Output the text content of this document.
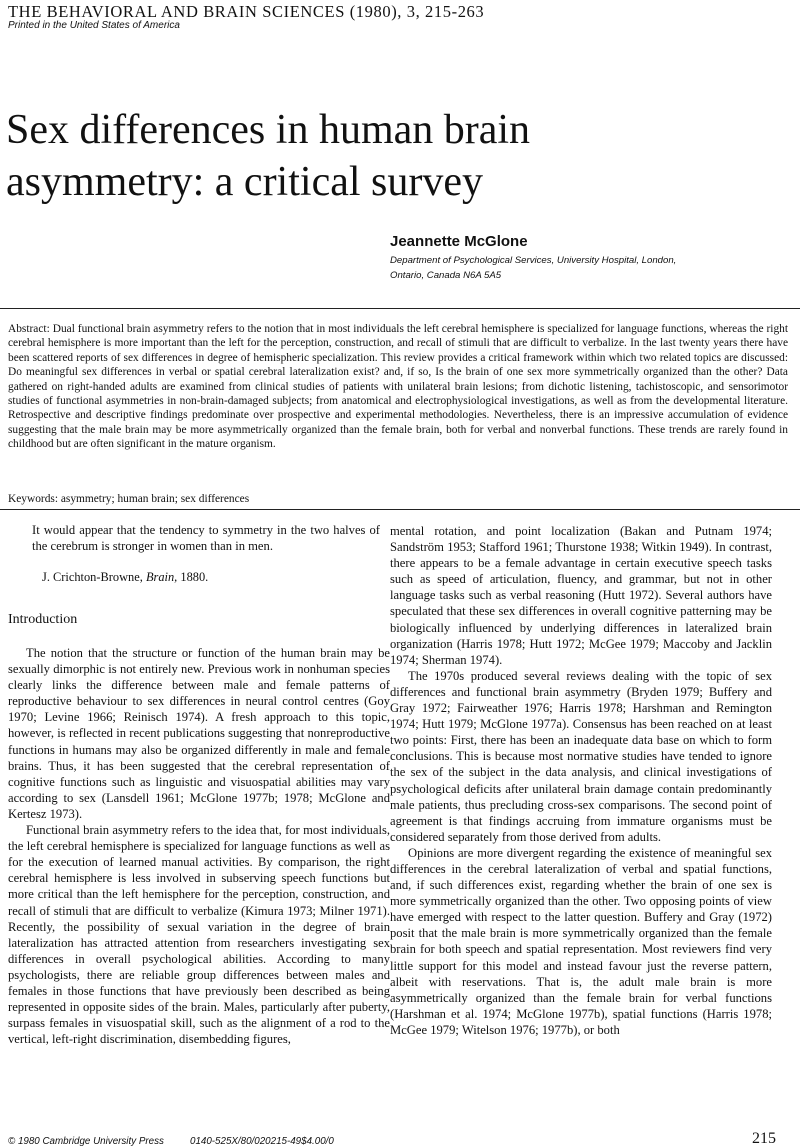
THE BEHAVIORAL AND BRAIN SCIENCES (1980), 3, 215-263
Printed in the United States of America
Sex differences in human brain asymmetry: a critical survey
Jeannette McGlone
Department of Psychological Services, University Hospital, London,
Ontario, Canada N6A 5A5
Abstract: Dual functional brain asymmetry refers to the notion that in most individuals the left cerebral hemisphere is specialized for language functions, whereas the right cerebral hemisphere is more important than the left for the perception, construction, and recall of stimuli that are difficult to verbalize. In the last twenty years there have been scattered reports of sex differences in degree of hemispheric specialization. This review provides a critical framework within which two related topics are discussed: Do meaningful sex differences in verbal or spatial cerebral lateralization exist? and, if so, Is the brain of one sex more symmetrically organized than the other? Data gathered on right-handed adults are examined from clinical studies of patients with unilateral brain lesions; from dichotic listening, tachistoscopic, and sensorimotor studies of functional asymmetries in non-brain-damaged subjects; from anatomical and electrophysiological investigations, as well as from the developmental literature. Retrospective and descriptive findings predominate over prospective and experimental methodologies. Nevertheless, there is an impressive accumulation of evidence suggesting that the male brain may be more asymmetrically organized than the female brain, both for verbal and nonverbal functions. These trends are rarely found in childhood but are often significant in the mature organism.
Keywords: asymmetry; human brain; sex differences
It would appear that the tendency to symmetry in the two halves of the cerebrum is stronger in women than in men.
J. Crichton-Browne, Brain, 1880.
Introduction

The notion that the structure or function of the human brain may be sexually dimorphic is not entirely new. Previous work in nonhuman species clearly links the difference between male and female patterns of reproductive behaviour to sex differences in neural control centres (Goy 1970; Levine 1966; Reinisch 1974). A fresh approach to this topic, however, is reflected in recent publications suggesting that nonreproductive functions in humans may also be organized differently in male and female brains. Thus, it has been suggested that the cerebral representation of cognitive functions such as linguistic and visuospatial abilities may vary according to sex (Lansdell 1961; McGlone 1977b; 1978; McGlone and Kertesz 1973).

Functional brain asymmetry refers to the idea that, for most individuals, the left cerebral hemisphere is specialized for language functions as well as for the execution of learned manual activities. By comparison, the right cerebral hemisphere is less involved in subserving speech functions but more critical than the left hemisphere for the perception, construction, and recall of stimuli that are difficult to verbalize (Kimura 1973; Milner 1971). Recently, the possibility of sexual variation in the degree of brain lateralization has attracted attention from researchers investigating sex differences in overall psychological abilities. According to many psychologists, there are reliable group differences between males and females in those functions that have previously been described as being represented in opposite sides of the brain. Males, particularly after puberty, surpass females in visuospatial skill, such as the alignment of a rod to the vertical, left-right discrimination, disembedding figures,

mental rotation, and point localization (Bakan and Putnam 1974; Sandström 1953; Stafford 1961; Thurstone 1938; Witkin 1949). In contrast, there appears to be a female advantage in certain executive speech tasks such as speed of articulation, fluency, and grammar, but not in other language tasks such as verbal reasoning (Hutt 1972). Several authors have speculated that these sex differences in overall cognitive patterning may be biologically influenced by underlying differences in lateralized brain organization (Harris 1978; Hutt 1972; McGee 1979; Maccoby and Jacklin 1974; Sherman 1974).

The 1970s produced several reviews dealing with the topic of sex differences and functional brain asymmetry (Bryden 1979; Buffery and Gray 1972; Fairweather 1976; Harris 1978; Harshman and Remington 1974; Hutt 1979; McGlone 1977a). Consensus has been reached on at least two points: First, there has been an inadequate data base on which to form conclusions. This is because most normative studies have tended to ignore the sex of the subject in the data analysis, and clinical investigations of psychological deficits after unilateral brain damage contain predominantly male patients, thus precluding cross-sex comparisons. The second point of agreement is that findings accruing from immature organisms must be considered separately from those derived from adults.

Opinions are more divergent regarding the existence of meaningful sex differences in the cerebral lateralization of verbal and spatial functions, and, if such differences exist, regarding whether the brain of one sex is more symmetrically organized than the other. Two opposing points of view have emerged with respect to the latter question. Buffery and Gray (1972) posit that the male brain is more symmetrically organized than the female brain for both speech and spatial representation. Most reviewers find very little support for this model and instead favour just the reverse pattern, albeit with reservations. That is, the adult male brain is more asymmetrically organized than the female brain for verbal functions (Harshman et al. 1974; McGlone 1977b), spatial functions (Harris 1978; McGee 1979; Witelson 1976; 1977b), or both

© 1980 Cambridge University Press	0140-525X/80/020215-49$4.00/0	215
